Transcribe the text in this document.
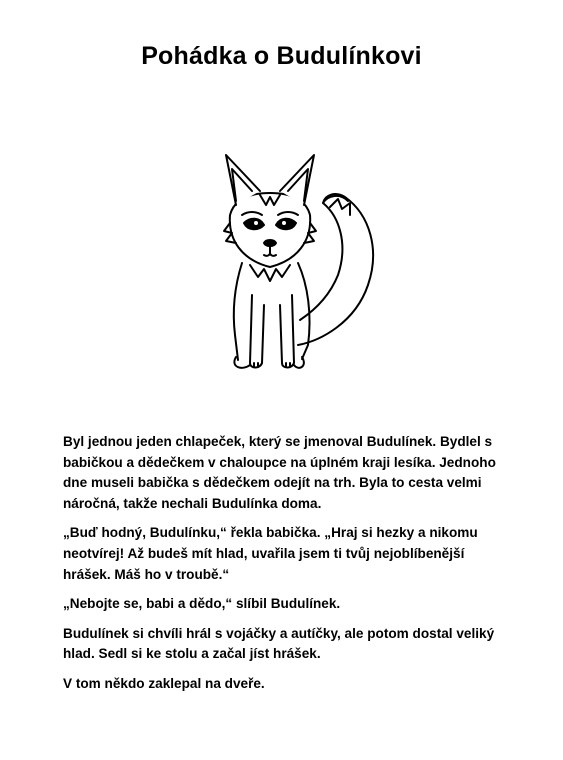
Pohádka o Budulínkovi

Byl jednou jeden chlapeček, který se jmenoval Budulínek. Bydlel s babičkou a dědečkem v chaloupce na úplném kraji lesíka. Jednoho dne museli babička s dědečkem odejít na trh. Byla to cesta velmi náročná, takže nechali Budulínka doma.

„Buď hodný, Budulínku,“ řekla babička. „Hraj si hezky a nikomu neotvírej! Až budeš mít hlad, uvařila jsem ti tvůj nejoblíbenější hrášek. Máš ho v troubě.“

„Nebojte se, babi a dědo,“ slíbil Budulínek.

Budulínek si chvíli hrál s vojáčky a autíčky, ale potom dostal veliký hlad. Sedl si ke stolu a začal jíst hrášek.

V tom někdo zaklepal na dveře.
